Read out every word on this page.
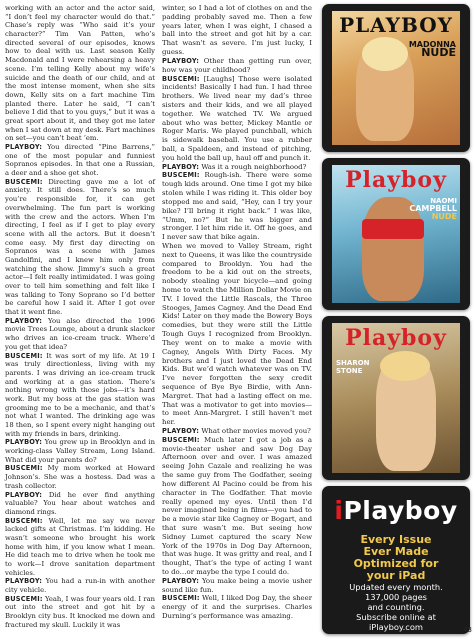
working with an actor and the actor said, “I don’t feel my character would do that.” Chase’s reply was “Who said it’s your character?” Tim Van Patten, who’s directed several of our episodes, knows how to deal with us. Last season Kelly Macdonald and I were rehearsing a heavy scene. I’m telling Kelly about my wife’s suicide and the death of our child, and at the most intense moment, when she sits down, Kelly sits on a fart machine Tim planted there. Later he said, “I can’t believe I did that to you guys,” but it was a great sport about it, and they got me later when I sat down at my desk. Fart machines on set—you can’t beat ’em.

PLAYBOY: You directed “Pine Barrens,” one of the most popular and funniest Sopranos episodes. In that one a Russian, a deer and a shoe get shot.

BUSCEMI: Directing gave me a lot of anxiety. It still does. There’s so much you’re responsible for, it can get overwhelming. The fun part is working with the crew and the actors. When I’m directing, I feel as if I get to play every scene with all the actors. But it doesn’t come easy. My first day directing on Sopranos was a scene with James Gandolfini, and I knew him only from watching the show. Jimmy’s such a great actor—I felt really intimidated. I was going over to tell him something and felt like I was talking to Tony Soprano so I’d better be careful how I said it. After I got over that it went fine.

PLAYBOY: You also directed the 1996 movie Trees Lounge, about a drunk slacker who drives an ice-cream truck. Where’d you get that idea?

BUSCEMI: It was sort of my life. At 19 I was truly directionless, living with my parents. I was driving an ice-cream truck and working at a gas station. There’s nothing wrong with those jobs—it’s hard work. But my boss at the gas station was grooming me to be a mechanic, and that’s not what I wanted. The drinking age was 18 then, so I spent every night hanging out with my friends in bars, drinking.

PLAYBOY: You grew up in Brooklyn and in working-class Valley Stream, Long Island. What did your parents do?

BUSCEMI: My mom worked at Howard Johnson’s. She was a hostess. Dad was a trash collector.

PLAYBOY: Did he ever find anything valuable? You hear about watches and diamond rings.

BUSCEMI: Well, let me say we never lacked gifts at Christmas. I’m kidding. He wasn’t someone who brought his work home with him, if you know what I mean. He did teach me to drive when he took me to work—I drove sanitation department vehicles.

PLAYBOY: You had a run-in with another city vehicle.

BUSCEMI: Yeah, I was four years old. I ran out into the street and got hit by a Brooklyn city bus. It knocked me down and fractured my skull. Luckily it was

winter, so I had a lot of clothes on and the padding probably saved me. Then a few years later, when I was eight, I chased a ball into the street and got hit by a car. That wasn’t as severe. I’m just lucky, I guess.

PLAYBOY: Other than getting run over, how was your childhood?

BUSCEMI: [Laughs] Those were isolated incidents! Basically I had fun. I had three brothers. We lived near my dad’s three sisters and their kids, and we all played together. We watched TV. We argued about who was better, Mickey Mantle or Roger Maris. We played punchball, which is sidewalk baseball. You use a rubber ball, a Spaldeen, and instead of pitching, you hold the ball up, haul off and punch it.

PLAYBOY: Was it a rough neighborhood?

BUSCEMI: Rough-ish. There were some tough kids around. One time I got my bike stolen while I was riding it. This older boy stopped me and said, “Hey, can I try your bike? I’ll bring it right back.” I was like, “Umm, no?” But he was bigger and stronger. I let him ride it. Off he goes, and I never saw that bike again.

When we moved to Valley Stream, right next to Queens, it was like the countryside compared to Brooklyn. You had the freedom to be a kid out on the streets, nobody stealing your bicycle—and going home to watch the Million Dollar Movie on TV. I loved the Little Rascals, the Three Stooges, James Cagney. And the Dead End Kids! Later on they made the Bowery Boys comedies, but they were still the Little Tough Guys I recognized from Brooklyn. They went on to make a movie with Cagney, Angels With Dirty Faces. My brothers and I just loved the Dead End Kids. But we’d watch whatever was on TV. I’ve never forgotten the sexy credit sequence of Bye Bye Birdie, with Ann-Margret. That had a lasting effect on me. That was a motivator to get into movies—to meet Ann-Margret. I still haven’t met her.

PLAYBOY: What other movies moved you?

BUSCEMI: Much later I got a job as a movie-theater usher and saw Dog Day Afternoon over and over. I was amazed seeing John Cazale and realizing he was the same guy from The Godfather, seeing how different Al Pacino could be from his character in The Godfather. That movie really opened my eyes. Until then I’d never imagined being in films—you had to be a movie star like Cagney or Bogart, and that sure wasn’t me. But seeing how Sidney Lumet captured the scary New York of the 1970s in Dog Day Afternoon, that was huge. It was gritty and real, and I thought, That’s the type of acting I want to do…or maybe the type I could do.

PLAYBOY: You make being a movie usher sound like fun.

BUSCEMI: Well, I liked Dog Day, the sheer energy of it and the surprises. Charles Durning’s performance was amazing.

PLAYBOY
MADONNA
NUDE
Playboy
NAOMI
CAMPBELL
NUDE
Playboy
SHARON
STONE
iPlayboy
Every Issue
Ever Made
Optimized for
your iPad
Updated every month.
137,000 pages
and counting.
Subscribe online at
iPlayboy.com	43
